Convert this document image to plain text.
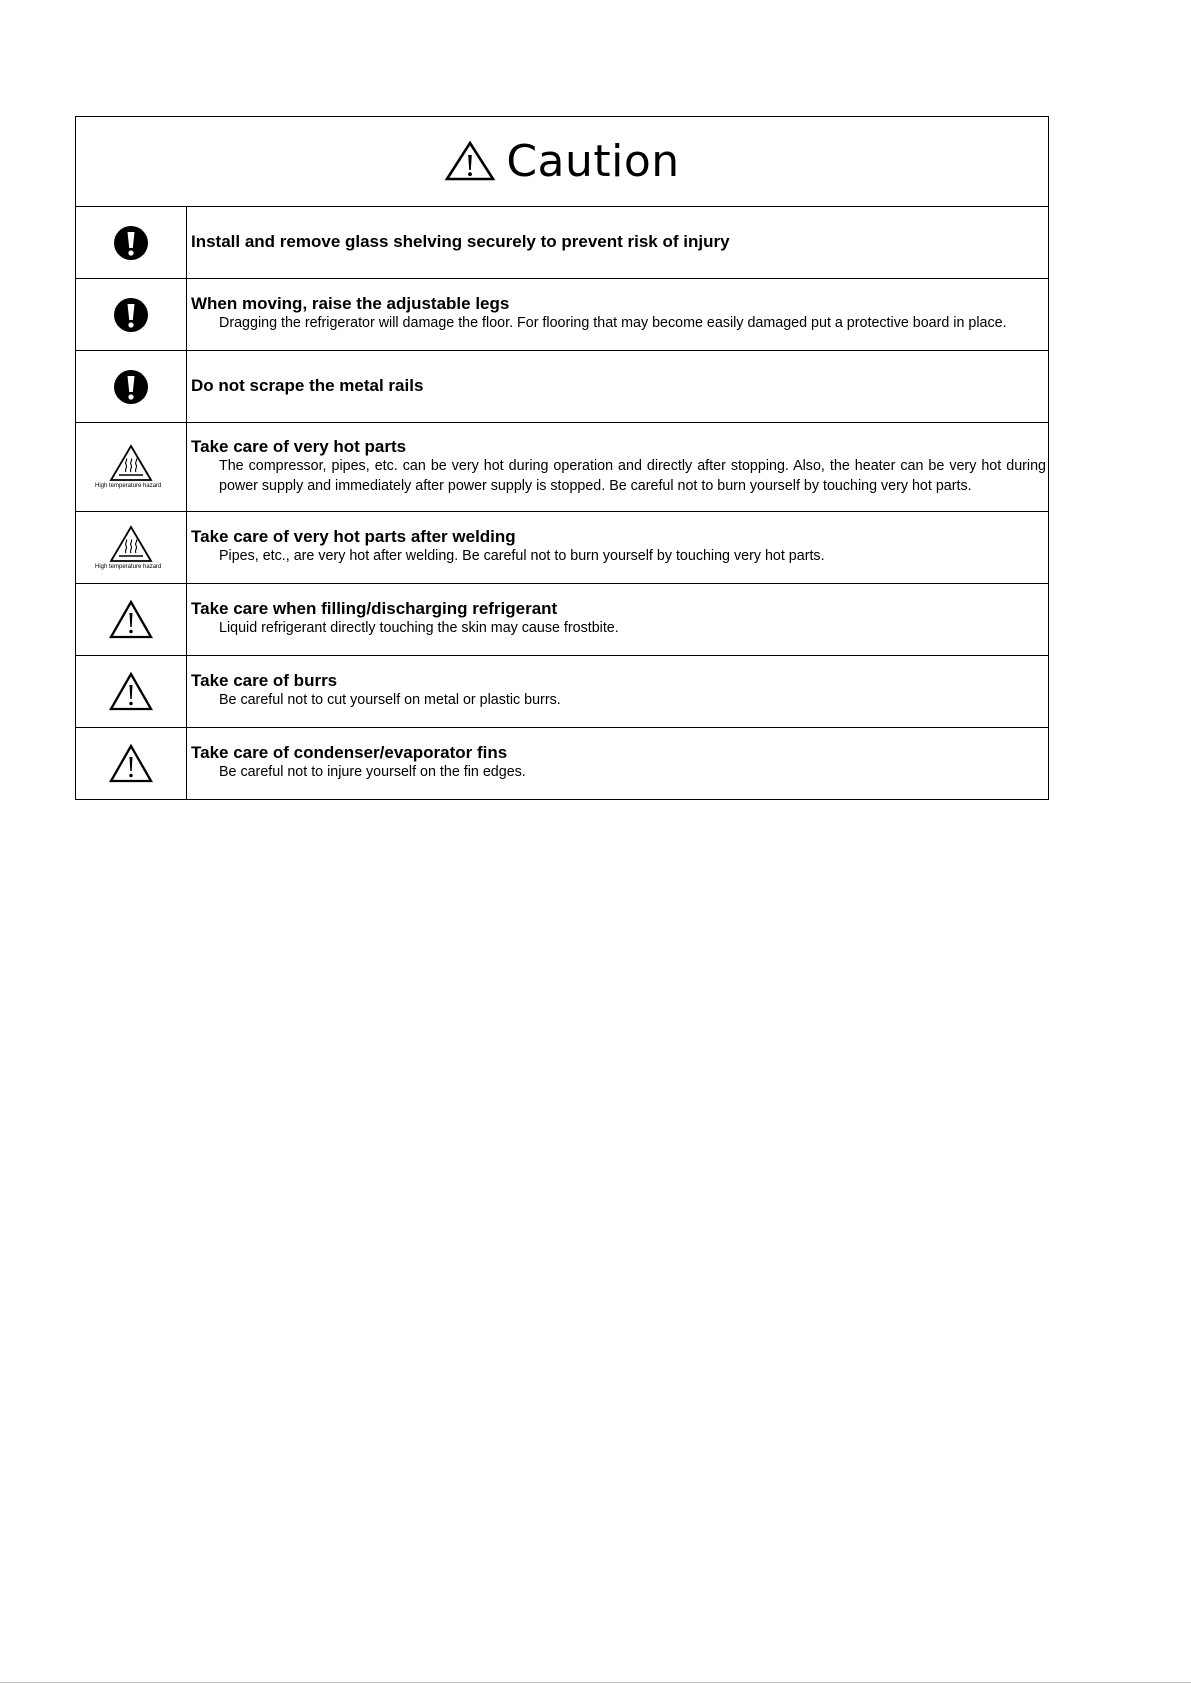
Caution	

Install and remove glass shelving securely to prevent risk of injury

When moving, raise the adjustable legs
Dragging the refrigerator will damage the floor. For flooring that may become easily damaged put a protective board in place.

Do not scrape the metal rails

High temperature hazard	Take care of very hot parts
The compressor, pipes, etc. can be very hot during operation and directly after stopping. Also, the heater can be very hot during power supply and immediately after power supply is stopped. Be careful not to burn yourself by touching very hot parts.

High temperature hazard	Take care of very hot parts after welding
Pipes, etc., are very hot after welding. Be careful not to burn yourself by touching very hot parts.

Take care when filling/discharging refrigerant
Liquid refrigerant directly touching the skin may cause frostbite.

Take care of burrs
Be careful not to cut yourself on metal or plastic burrs.

Take care of condenser/evaporator fins
Be careful not to injure yourself on the fin edges.
